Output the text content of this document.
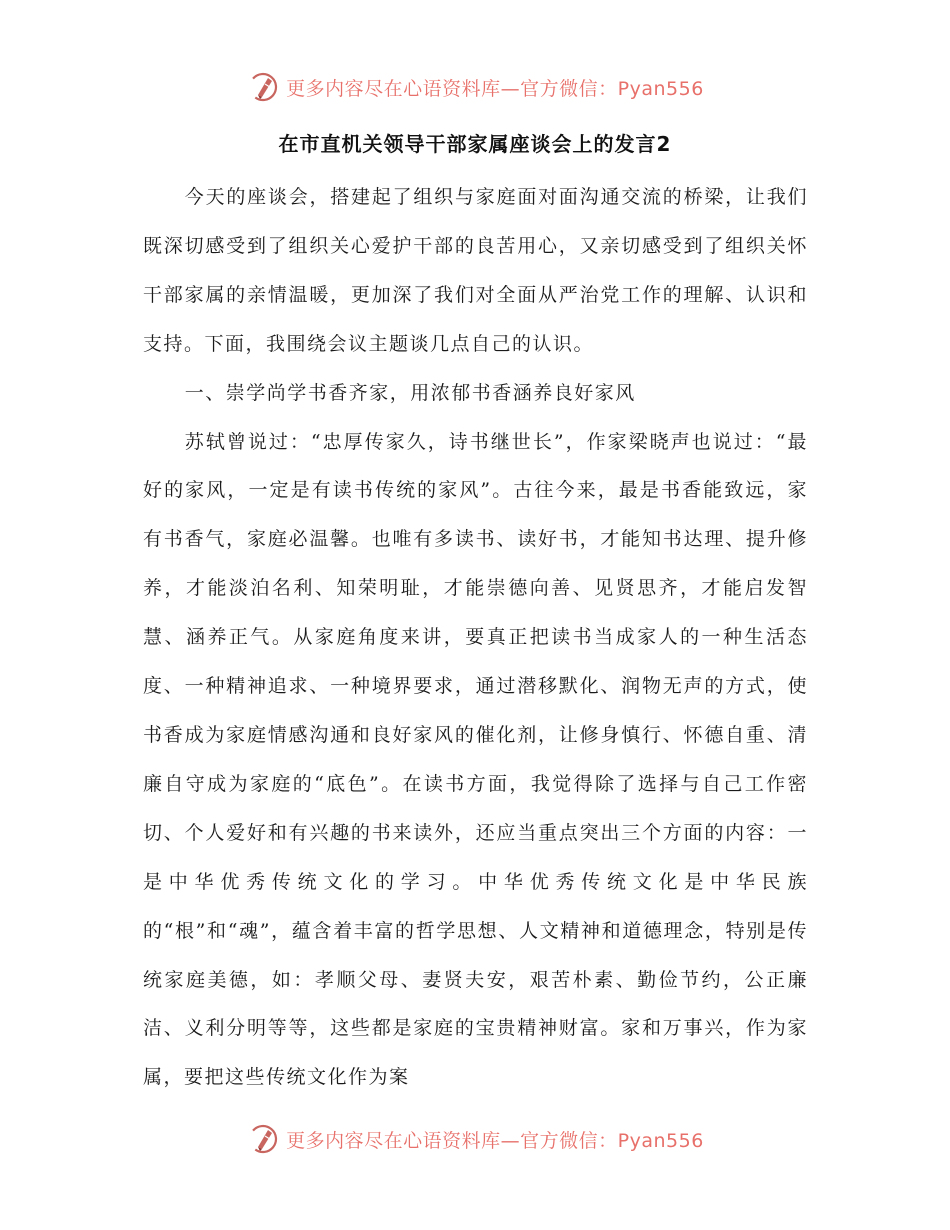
更多内容尽在心语资料库—官方微信：Pyan556
在市直机关领导干部家属座谈会上的发言2

今天的座谈会，搭建起了组织与家庭面对面沟通交流的桥梁，让我们既深切感受到了组织关心爱护干部的良苦用心，又亲切感受到了组织关怀干部家属的亲情温暖，更加深了我们对全面从严治党工作的理解、认识和支持。下面，我围绕会议主题谈几点自己的认识。

一、崇学尚学书香齐家，用浓郁书香涵养良好家风

苏轼曾说过：“忠厚传家久，诗书继世长”，作家梁晓声也说过：“最好的家风，一定是有读书传统的家风”。古往今来，最是书香能致远，家有书香气，家庭必温馨。也唯有多读书、读好书，才能知书达理、提升修养，才能淡泊名利、知荣明耻，才能崇德向善、见贤思齐，才能启发智慧、涵养正气。从家庭角度来讲，要真正把读书当成家人的一种生活态度、一种精神追求、一种境界要求，通过潜移默化、润物无声的方式，使书香成为家庭情感沟通和良好家风的催化剂，让修身慎行、怀德自重、清廉自守成为家庭的“底色”。在读书方面，我觉得除了选择与自己工作密切、个人爱好和有兴趣的书来读外，还应当重点突出三个方面的内容：一是中华优秀传统文化的学习。中华优秀传统文化是中华民族的“根”和“魂”，蕴含着丰富的哲学思想、人文精神和道德理念，特别是传统家庭美德，如：孝顺父母、妻贤夫安，艰苦朴素、勤俭节约，公正廉洁、义利分明等等，这些都是家庭的宝贵精神财富。家和万事兴，作为家属，要把这些传统文化作为案

更多内容尽在心语资料库—官方微信：Pyan556
